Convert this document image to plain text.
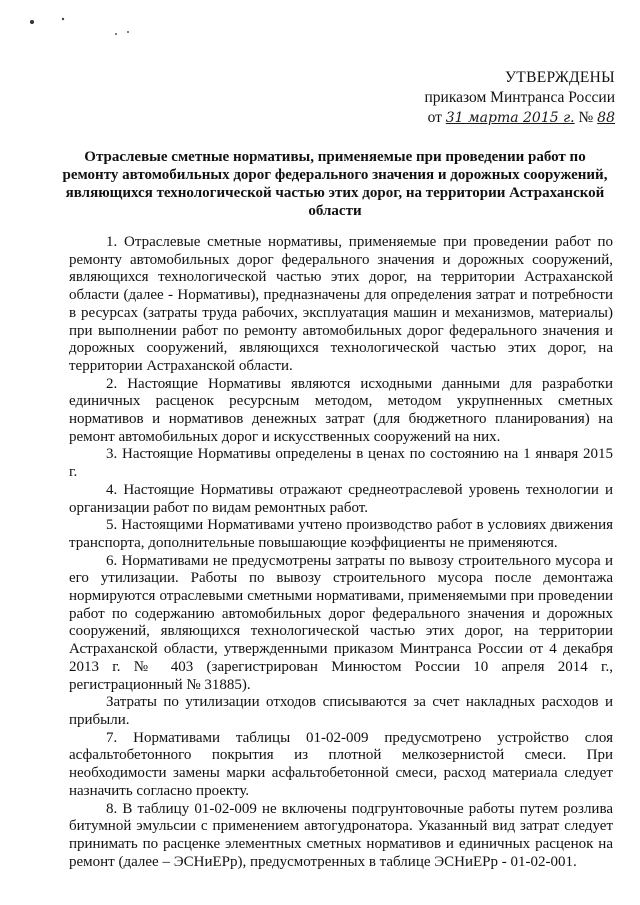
УТВЕРЖДЕНЫ
приказом Минтранса России
от 31 марта 2015 г. № 88
Отраслевые сметные нормативы, применяемые при проведении работ по ремонту автомобильных дорог федерального значения и дорожных сооружений, являющихся технологической частью этих дорог, на территории Астраханской области

1. Отраслевые сметные нормативы, применяемые при проведении работ по ремонту автомобильных дорог федерального значения и дорожных сооружений, являющихся технологической частью этих дорог, на территории Астраханской области (далее - Нормативы), предназначены для определения затрат и потребности в ресурсах (затраты труда рабочих, эксплуатация машин и механизмов, материалы) при выполнении работ по ремонту автомобильных дорог федерального значения и дорожных сооружений, являющихся технологической частью этих дорог, на территории Астраханской области.

2. Настоящие Нормативы являются исходными данными для разработки единичных расценок ресурсным методом, методом укрупненных сметных нормативов и нормативов денежных затрат (для бюджетного планирования) на ремонт автомобильных дорог и искусственных сооружений на них.

3. Настоящие Нормативы определены в ценах по состоянию на 1 января 2015 г.

4. Настоящие Нормативы отражают среднеотраслевой уровень технологии и организации работ по видам ремонтных работ.

5. Настоящими Нормативами учтено производство работ в условиях движения транспорта, дополнительные повышающие коэффициенты не применяются.

6. Нормативами не предусмотрены затраты по вывозу строительного мусора и его утилизации. Работы по вывозу строительного мусора после демонтажа нормируются отраслевыми сметными нормативами, применяемыми при проведении работ по содержанию автомобильных дорог федерального значения и дорожных сооружений, являющихся технологической частью этих дорог, на территории Астраханской области, утвержденными приказом Минтранса России от 4 декабря 2013 г. № 403 (зарегистрирован Минюстом России 10 апреля 2014 г., регистрационный № 31885).

Затраты по утилизации отходов списываются за счет накладных расходов и прибыли.

7. Нормативами таблицы 01-02-009 предусмотрено устройство слоя асфальтобетонного покрытия из плотной мелкозернистой смеси. При необходимости замены марки асфальтобетонной смеси, расход материала следует назначить согласно проекту.

8. В таблицу 01-02-009 не включены подгрунтовочные работы путем розлива битумной эмульсии с применением автогудронатора. Указанный вид затрат следует принимать по расценке элементных сметных нормативов и единичных расценок на ремонт (далее – ЭСНиЕРр), предусмотренных в таблице ЭСНиЕРр - 01-02-001.
